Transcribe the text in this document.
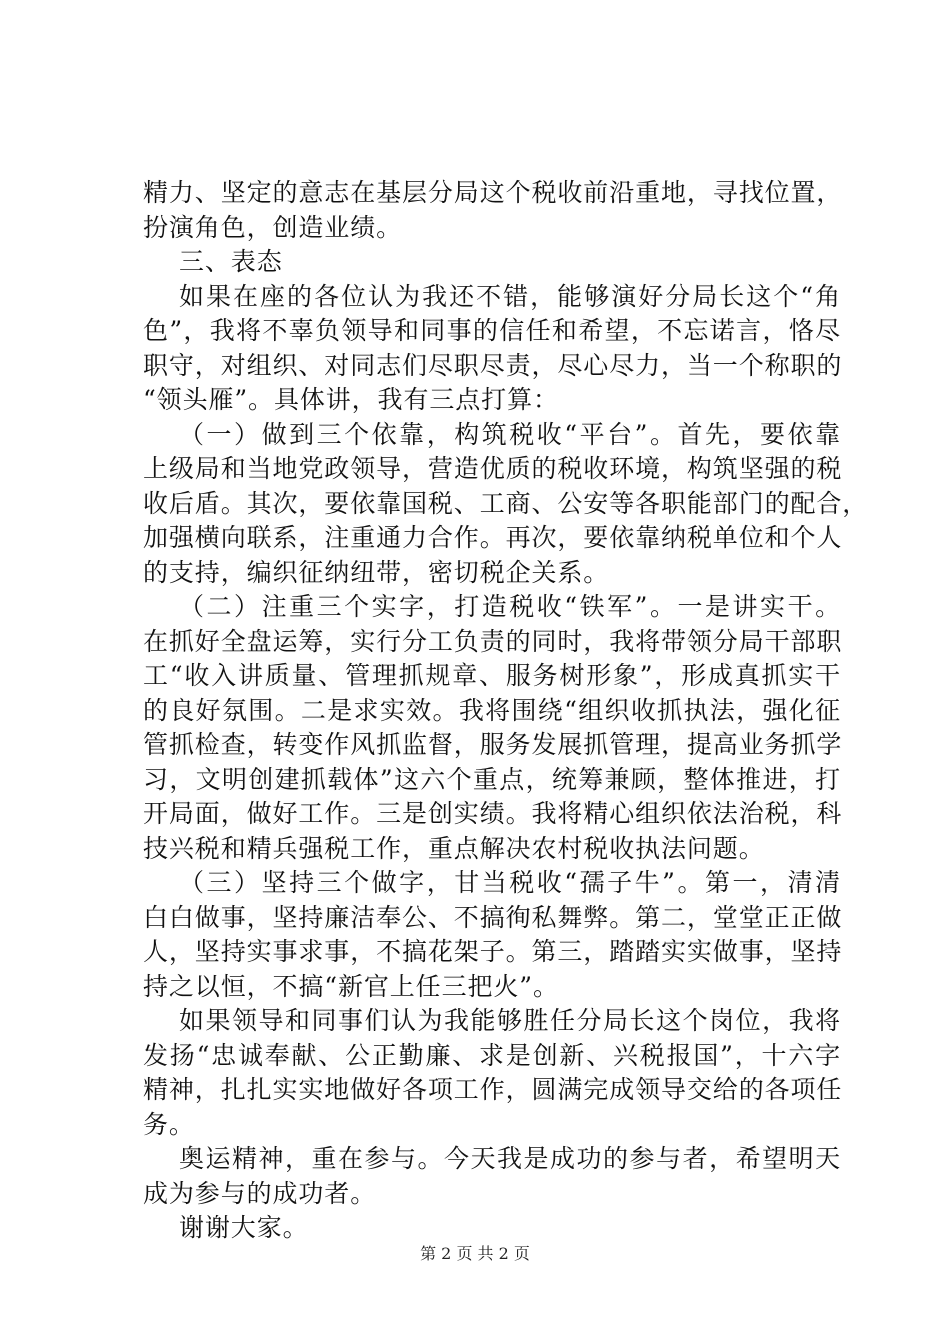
精力、坚定的意志在基层分局这个税收前沿重地，寻找位置，
扮演角色，创造业绩。
三、表态
如果在座的各位认为我还不错，能够演好分局长这个“角
色”，我将不辜负领导和同事的信任和希望，不忘诺言，恪尽
职守，对组织、对同志们尽职尽责，尽心尽力，当一个称职的
“领头雁”。具体讲，我有三点打算：
（一）做到三个依靠，构筑税收“平台”。首先，要依靠
上级局和当地党政领导，营造优质的税收环境，构筑坚强的税
收后盾。其次，要依靠国税、工商、公安等各职能部门的配合，
加强横向联系，注重通力合作。再次，要依靠纳税单位和个人
的支持，编织征纳纽带，密切税企关系。
（二）注重三个实字，打造税收“铁军”。一是讲实干。
在抓好全盘运筹，实行分工负责的同时，我将带领分局干部职
工“收入讲质量、管理抓规章、服务树形象”，形成真抓实干
的良好氛围。二是求实效。我将围绕“组织收抓执法，强化征
管抓检查，转变作风抓监督，服务发展抓管理，提高业务抓学
习，文明创建抓载体”这六个重点，统筹兼顾，整体推进，打
开局面，做好工作。三是创实绩。我将精心组织依法治税，科
技兴税和精兵强税工作，重点解决农村税收执法问题。
（三）坚持三个做字，甘当税收“孺子牛”。第一，清清
白白做事，坚持廉洁奉公、不搞徇私舞弊。第二，堂堂正正做
人，坚持实事求事，不搞花架子。第三，踏踏实实做事，坚持
持之以恒，不搞“新官上任三把火”。
如果领导和同事们认为我能够胜任分局长这个岗位，我将
发扬“忠诚奉献、公正勤廉、求是创新、兴税报国”，十六字
精神，扎扎实实地做好各项工作，圆满完成领导交给的各项任
务。
奥运精神，重在参与。今天我是成功的参与者，希望明天
成为参与的成功者。
谢谢大家。
第 2 页 共 2 页
